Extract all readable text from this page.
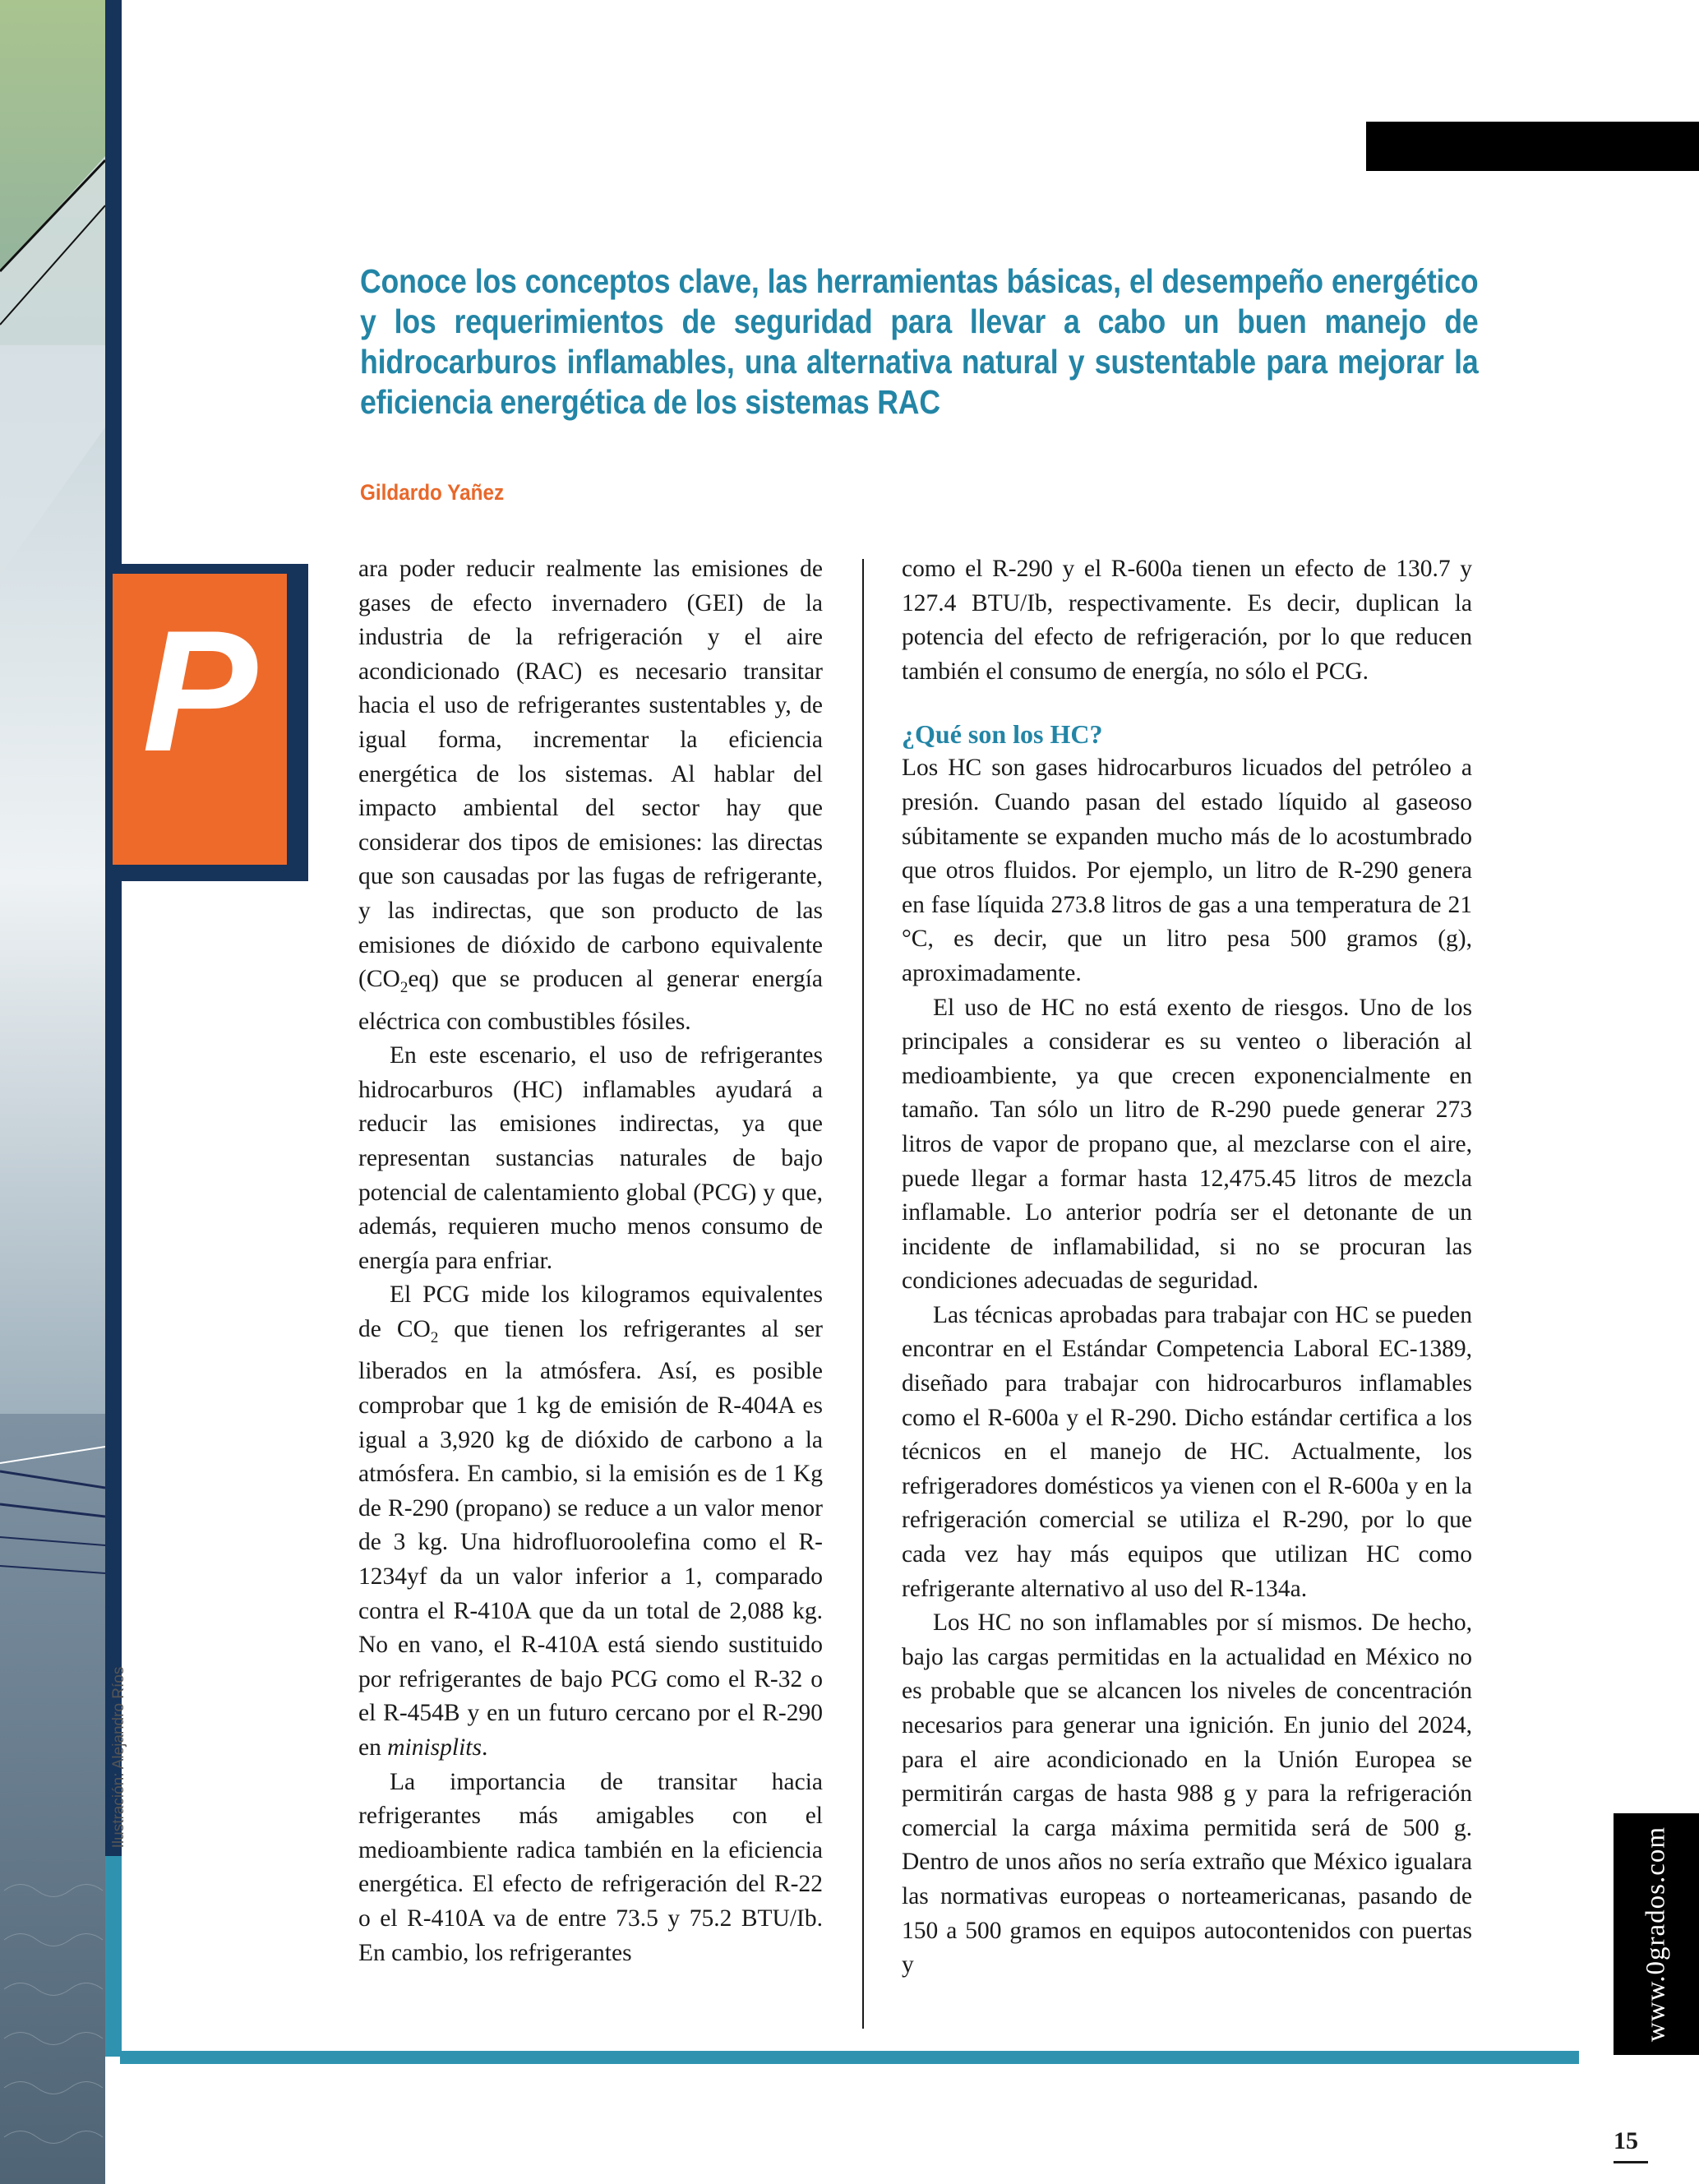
Ilustración: Alejandro Ríos
Conoce los conceptos clave, las herramientas básicas, el desempeño energético y los requerimientos de seguridad para llevar a cabo un buen manejo de hidrocarburos inflamables, una alternativa natural y sustentable para mejorar la eficiencia energética de los sistemas RAC
Gildardo Yañez
P

ara poder reducir realmente las emisiones de gases de efecto invernadero (GEI) de la industria de la refrigeración y el aire acondicionado (RAC) es necesario transitar hacia el uso de refrigerantes sustentables y, de igual forma, incrementar la eficiencia energética de los sistemas. Al hablar del impacto ambiental del sector hay que considerar dos tipos de emisiones: las directas que son causadas por las fugas de refrigerante, y las indirectas, que son producto de las emisiones de dióxido de carbono equivalente $(CO_2eq)$ que se producen al generar energía eléctrica con combustibles fósiles.

En este escenario, el uso de refrigerantes hidrocarburos (HC) inflamables ayudará a reducir las emisiones indirectas, ya que representan sustancias naturales de bajo potencial de calentamiento global (PCG) y que, además, requieren mucho menos consumo de energía para enfriar.

El PCG mide los kilogramos equivalentes de $CO_2$ que tienen los refrigerantes al ser liberados en la atmósfera. Así, es posible comprobar que 1 kg de emisión de R-404A es igual a 3,920 kg de dióxido de carbono a la atmósfera. En cambio, si la emisión es de 1 Kg de R-290 (propano) se reduce a un valor menor de 3 kg. Una hidrofluoroolefina como el R-1234yf da un valor inferior a 1, comparado contra el R-410A que da un total de 2,088 kg. No en vano, el R-410A está siendo sustituido por refrigerantes de bajo PCG como el R-32 o el R-454B y en un futuro cercano por el R-290 en minisplits.

La importancia de transitar hacia refrigerantes más amigables con el medioambiente radica también en la eficiencia energética. El efecto de refrigeración del R-22 o el R-410A va de entre 73.5 y 75.2 BTU/Ib. En cambio, los refrigerantes

como el R-290 y el R-600a tienen un efecto de 130.7 y 127.4 BTU/Ib, respectivamente. Es decir, duplican la potencia del efecto de refrigeración, por lo que reducen también el consumo de energía, no sólo el PCG.

¿Qué son los HC?

Los HC son gases hidrocarburos licuados del petróleo a presión. Cuando pasan del estado líquido al gaseoso súbitamente se expanden mucho más de lo acostumbrado que otros fluidos. Por ejemplo, un litro de R-290 genera en fase líquida 273.8 litros de gas a una temperatura de 21 °C, es decir, que un litro pesa 500 gramos (g), aproximadamente.

El uso de HC no está exento de riesgos. Uno de los principales a considerar es su venteo o liberación al medioambiente, ya que crecen exponencialmente en tamaño. Tan sólo un litro de R-290 puede generar 273 litros de vapor de propano que, al mezclarse con el aire, puede llegar a formar hasta 12,475.45 litros de mezcla inflamable. Lo anterior podría ser el detonante de un incidente de inflamabilidad, si no se procuran las condiciones adecuadas de seguridad.

Las técnicas aprobadas para trabajar con HC se pueden encontrar en el Estándar Competencia Laboral EC-1389, diseñado para trabajar con hidrocarburos inflamables como el R-600a y el R-290. Dicho estándar certifica a los técnicos en el manejo de HC. Actualmente, los refrigeradores domésticos ya vienen con el R-600a y en la refrigeración comercial se utiliza el R-290, por lo que cada vez hay más equipos que utilizan HC como refrigerante alternativo al uso del R-134a.

Los HC no son inflamables por sí mismos. De hecho, bajo las cargas permitidas en la actualidad en México no es probable que se alcancen los niveles de concentración necesarios para generar una ignición. En junio del 2024, para el aire acondicionado en la Unión Europea se permitirán cargas de hasta 988 g y para la refrigeración comercial la carga máxima permitida será de 500 g. Dentro de unos años no sería extraño que México igualara las normativas europeas o norteamericanas, pasando de 150 a 500 gramos en equipos autocontenidos con puertas y	www.0grados.com
15
